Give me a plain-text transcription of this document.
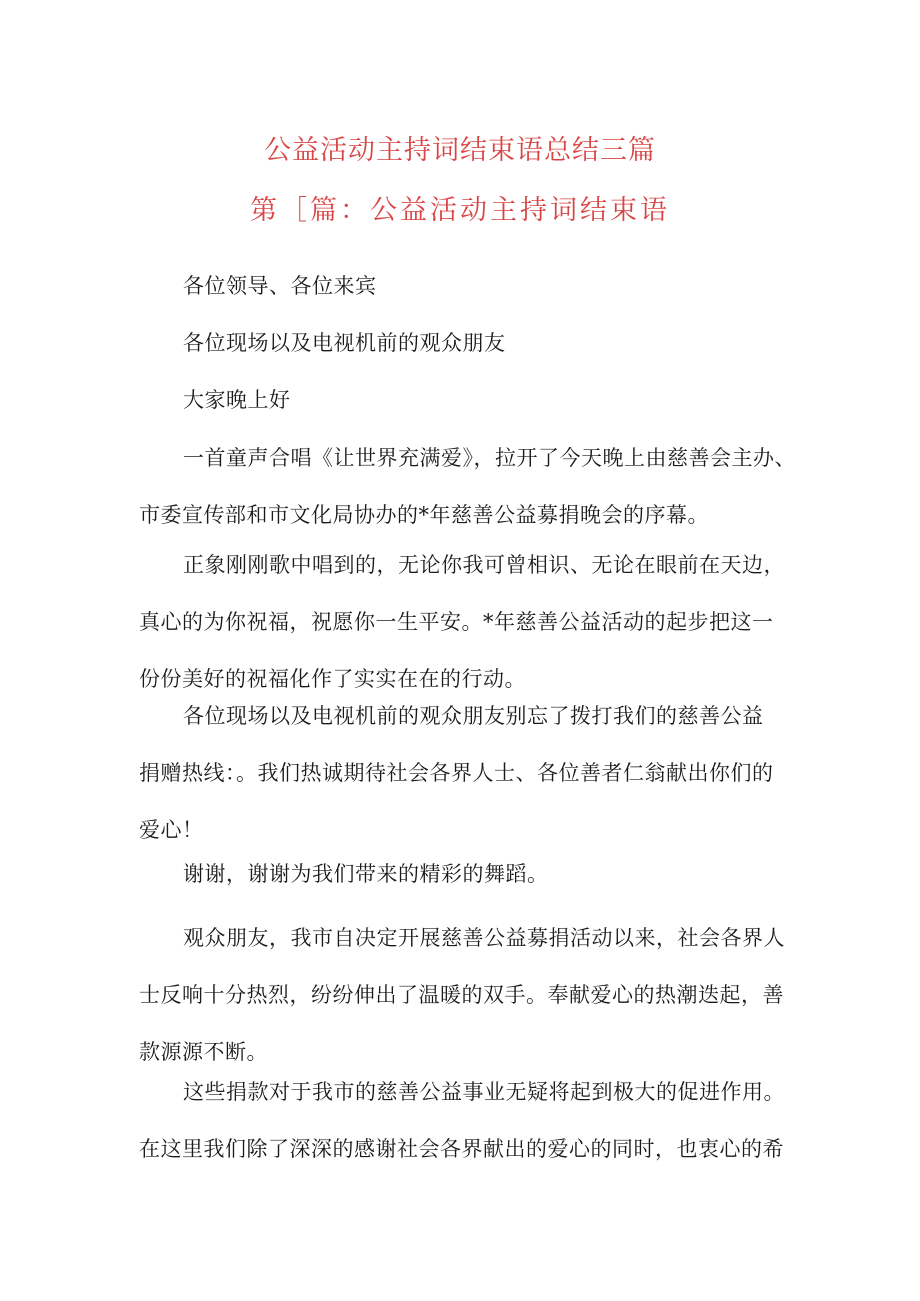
公益活动主持词结束语总结三篇
第［篇：公益活动主持词结束语

各位领导、各位来宾

各位现场以及电视机前的观众朋友

大家晚上好

一首童声合唱《让世界充满爱》，拉开了今天晚上由慈善会主办、
市委宣传部和市文化局协办的*年慈善公益募捐晚会的序幕。

正象刚刚歌中唱到的，无论你我可曾相识、无论在眼前在天边，
真心的为你祝福，祝愿你一生平安。*年慈善公益活动的起步把这一
份份美好的祝福化作了实实在在的行动。

各位现场以及电视机前的观众朋友别忘了拨打我们的慈善公益
捐赠热线：。我们热诚期待社会各界人士、各位善者仁翁献出你们的
爱心！

谢谢，谢谢为我们带来的精彩的舞蹈。

观众朋友，我市自决定开展慈善公益募捐活动以来，社会各界人
士反响十分热烈，纷纷伸出了温暖的双手。奉献爱心的热潮迭起，善
款源源不断。

这些捐款对于我市的慈善公益事业无疑将起到极大的促进作用。
在这里我们除了深深的感谢社会各界献出的爱心的同时，也衷心的希
